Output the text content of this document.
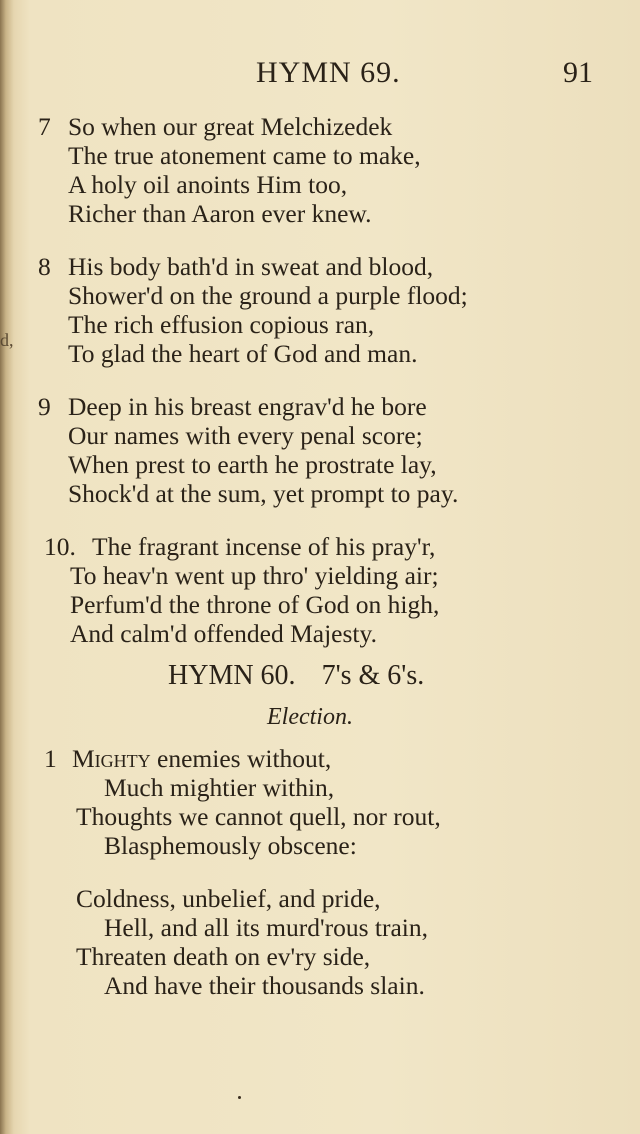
d,
HYMN 69.	91
7 So when our great Melchizedek
The true atonement came to make,
A holy oil anoints Him too,
Richer than Aaron ever knew.
8 His body bath'd in sweat and blood,
Shower'd on the ground a purple flood;
The rich effusion copious ran,
To glad the heart of God and man.
9 Deep in his breast engrav'd he bore
Our names with every penal score;
When prest to earth he prostrate lay,
Shock'd at the sum, yet prompt to pay.
10. The fragrant incense of his pray'r,
To heav'n went up thro' yielding air;
Perfum'd the throne of God on high,
And calm'd offended Majesty.
HYMN 60. 7's & 6's.
Election.
1 Mighty enemies without,
Much mightier within,
Thoughts we cannot quell, nor rout,
Blasphemously obscene:
Coldness, unbelief, and pride,
Hell, and all its murd'rous train,
Threaten death on ev'ry side,
And have their thousands slain.
